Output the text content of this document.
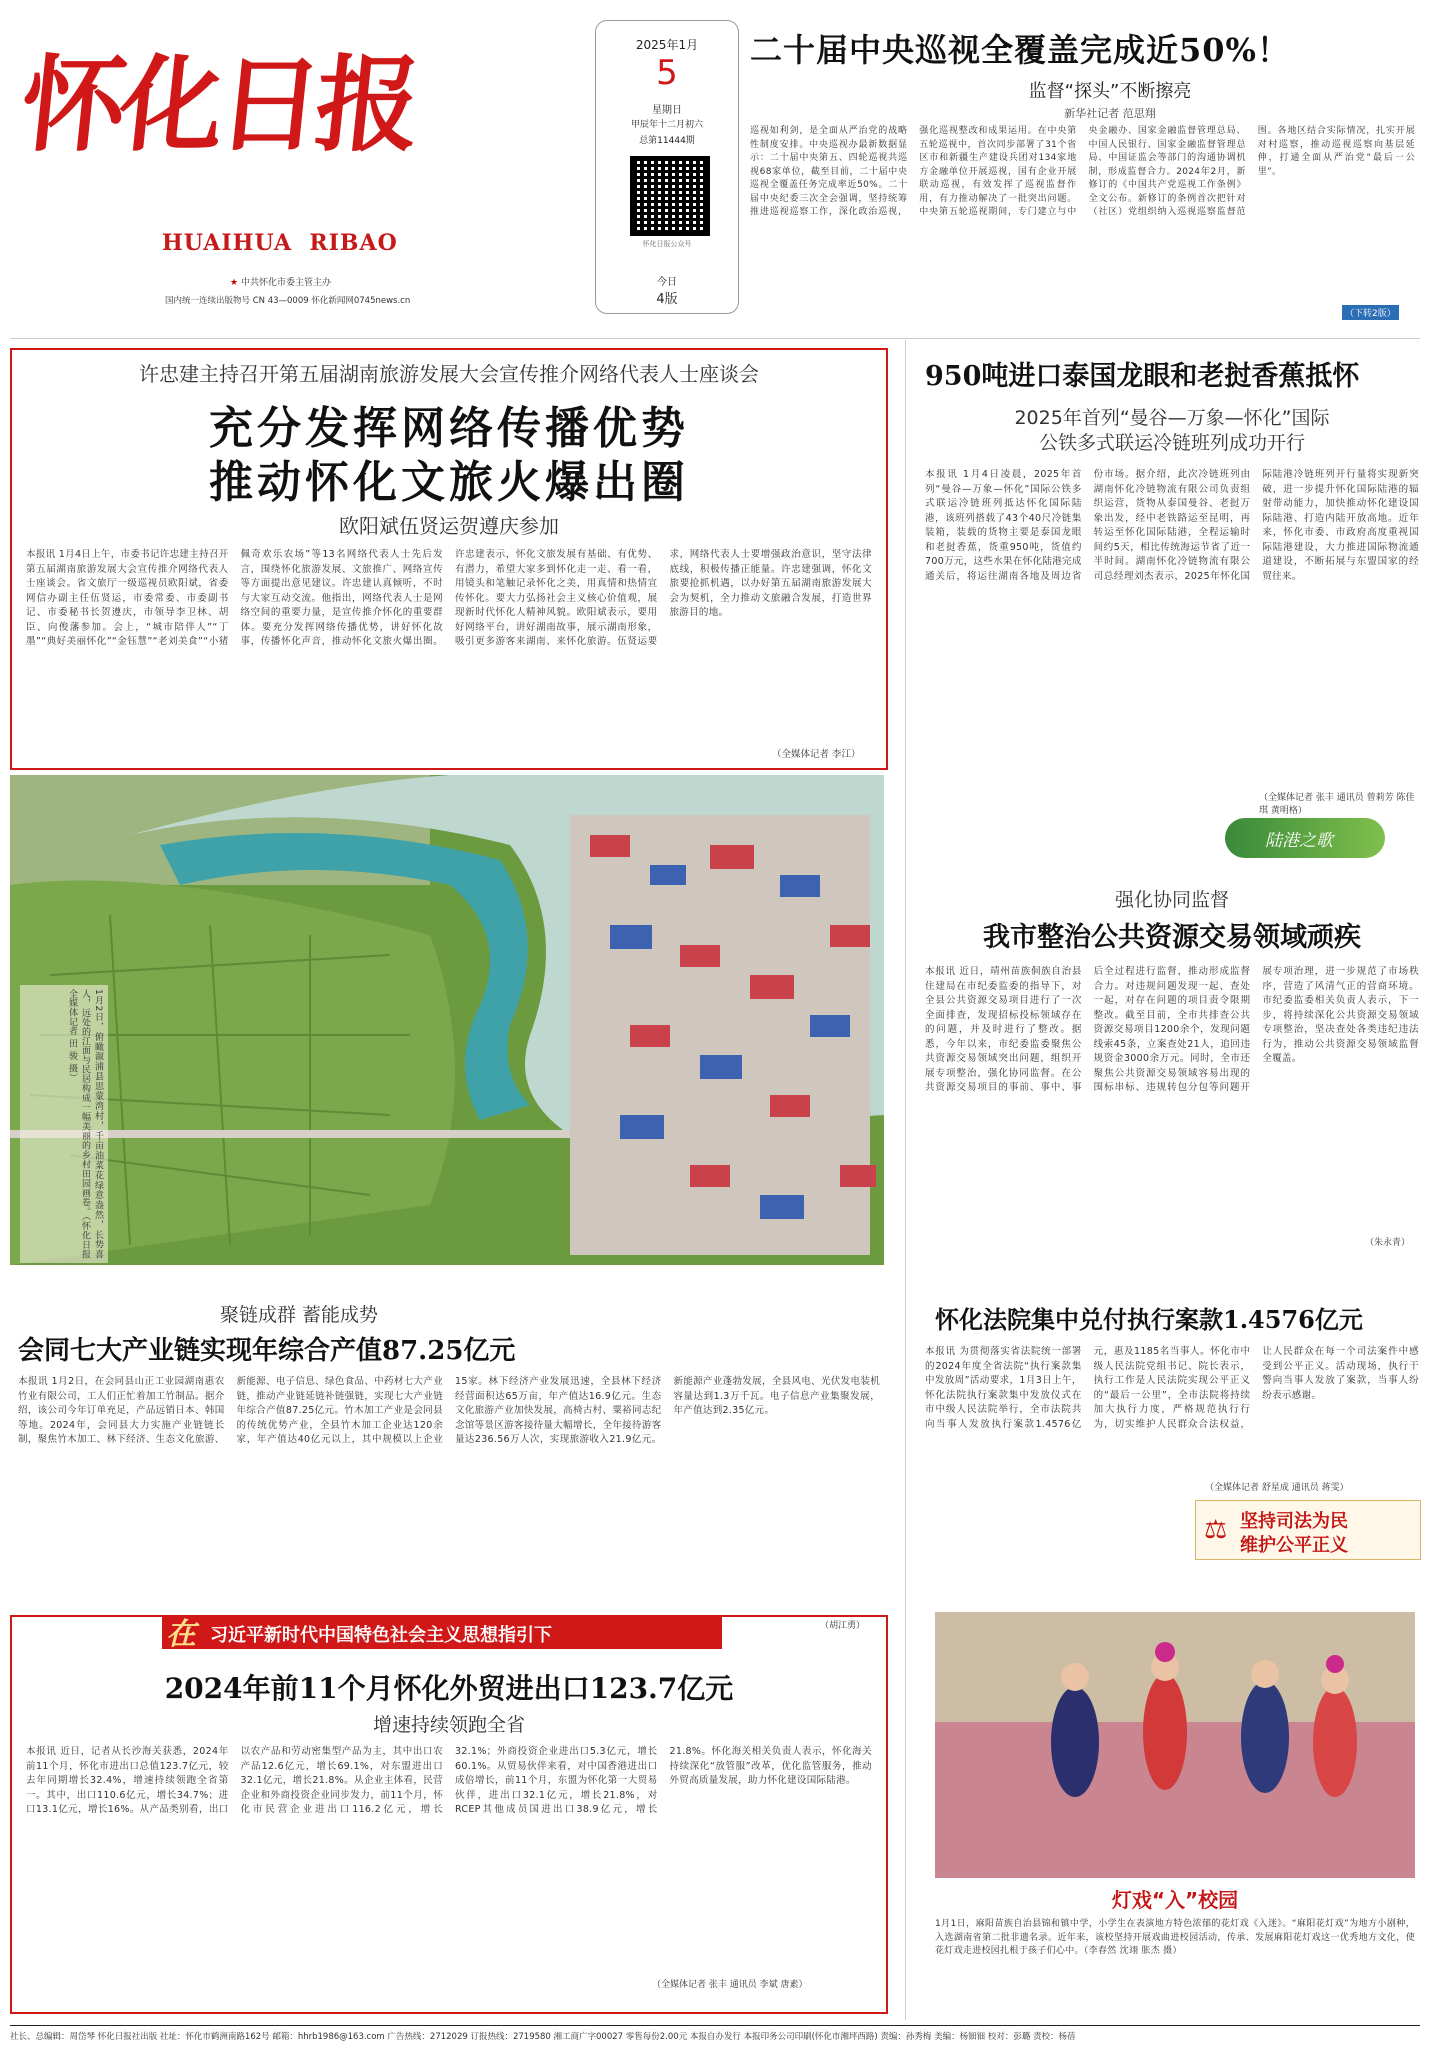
怀化日报
HUAIHUA  RIBAO
★ 中共怀化市委主管主办
国内统一连续出版物号 CN 43—0009 怀化新闻网0745news.cn
2025年1月
5
星期日
甲辰年十二月初六
总第11444期
怀化日报公众号
今日
4版
二十届中央巡视全覆盖完成近50%！
监督“探头”不断擦亮
新华社记者 范思翔
巡视如利剑，是全面从严治党的战略性制度安排。中央巡视办最新数据显示：二十届中央第五、四轮巡视共巡视68家单位，截至目前，二十届中央巡视全覆盖任务完成率近50%。二十届中央纪委三次全会强调，坚持统筹推进巡视巡察工作，深化政治巡视，强化巡视整改和成果运用。在中央第五轮巡视中，首次同步部署了31个省区市和新疆生产建设兵团对134家地方金融单位开展巡视，国有企业开展联动巡视，有效发挥了巡视监督作用，有力推动解决了一批突出问题。中央第五轮巡视期间，专门建立与中央金融办、国家金融监督管理总局、中国人民银行、国家金融监督管理总局、中国证监会等部门的沟通协调机制，形成监督合力。2024年2月，新修订的《中国共产党巡视工作条例》全文公布。新修订的条例首次把针对（社区）党组织纳入巡视巡察监督范围。各地区结合实际情况，扎实开展对村巡察，推动巡视巡察向基层延伸，打通全面从严治党“最后一公里”。
（下转2版）
许忠建主持召开第五届湖南旅游发展大会宣传推介网络代表人士座谈会
充分发挥网络传播优势
推动怀化文旅火爆出圈
欧阳斌伍贤运贺遵庆参加
本报讯 1月4日上午，市委书记许忠建主持召开第五届湖南旅游发展大会宣传推介网络代表人士座谈会。省文旅厅一级巡视员欧阳斌，省委网信办副主任伍贤运，市委常委、市委副书记、市委秘书长贺遵庆，市领导李卫林、胡臣、向俊藩参加。会上，“城市陪伴人”“丁墨”“典好美丽怀化”“金钰慧”“老刘美食”“小猪佩奇欢乐农场”等13名网络代表人士先后发言，围绕怀化旅游发展、文旅推广、网络宣传等方面提出意见建议。许忠建认真倾听，不时与大家互动交流。他指出，网络代表人士是网络空间的重要力量，是宣传推介怀化的重要群体。要充分发挥网络传播优势，讲好怀化故事，传播怀化声音，推动怀化文旅火爆出圈。许忠建表示，怀化文旅发展有基础、有优势、有潜力，希望大家多到怀化走一走、看一看，用镜头和笔触记录怀化之美，用真情和热情宣传怀化。要大力弘扬社会主义核心价值观，展现新时代怀化人精神风貌。欧阳斌表示，要用好网络平台，讲好湖南故事，展示湖南形象，吸引更多游客来湖南、来怀化旅游。伍贤运要求，网络代表人士要增强政治意识，坚守法律底线，积极传播正能量。许忠建强调，怀化文旅要抢抓机遇，以办好第五届湖南旅游发展大会为契机，全力推动文旅融合发展，打造世界旅游目的地。
（全媒体记者 李江）
1月2日，俯瞰溆浦县思蒙湾村，千亩油菜花绿意盎然，长势喜人，远处的江面与民居构成一幅美丽的乡村田园画卷。（怀化日报全媒体记者 田 骏 摄）
950吨进口泰国龙眼和老挝香蕉抵怀
2025年首列“曼谷—万象—怀化”国际
公铁多式联运冷链班列成功开行
本报讯 1月4日凌晨，2025年首列“曼谷—万象—怀化”国际公铁多式联运冷链班列抵达怀化国际陆港，该班列搭载了43个40尺冷链集装箱，装载的货物主要是泰国龙眼和老挝香蕉，货重950吨，货值约700万元，这些水果在怀化陆港完成通关后，将运往湖南各地及周边省份市场。据介绍，此次冷链班列由湖南怀化冷链物流有限公司负责组织运营，货物从泰国曼谷、老挝万象出发，经中老铁路运至昆明，再转运至怀化国际陆港，全程运输时间约5天，相比传统海运节省了近一半时间。湖南怀化冷链物流有限公司总经理刘杰表示，2025年怀化国际陆港冷链班列开行量将实现新突破，进一步提升怀化国际陆港的辐射带动能力，加快推动怀化建设国际陆港、打造内陆开放高地。近年来，怀化市委、市政府高度重视国际陆港建设，大力推进国际物流通道建设，不断拓展与东盟国家的经贸往来。
（全媒体记者 张丰 通讯员 曾莉芳 陈佳琪 黄明格）
陆港之歌
强化协同监督
我市整治公共资源交易领域顽疾
本报讯 近日，靖州苗族侗族自治县住建局在市纪委监委的指导下，对全县公共资源交易项目进行了一次全面排查，发现招标投标领域存在的问题，并及时进行了整改。据悉，今年以来，市纪委监委聚焦公共资源交易领域突出问题，组织开展专项整治，强化协同监督。在公共资源交易项目的事前、事中、事后全过程进行监督，推动形成监督合力。对违规问题发现一起、查处一起，对存在问题的项目责令限期整改。截至目前，全市共排查公共资源交易项目1200余个，发现问题线索45条，立案查处21人，追回违规资金3000余万元。同时，全市还聚焦公共资源交易领域容易出现的围标串标、违规转包分包等问题开展专项治理，进一步规范了市场秩序，营造了风清气正的营商环境。市纪委监委相关负责人表示，下一步，将持续深化公共资源交易领域专项整治，坚决查处各类违纪违法行为，推动公共资源交易领域监督全覆盖。
（朱永青）
聚链成群 蓄能成势
会同七大产业链实现年综合产值87.25亿元
本报讯 1月2日，在会同县山正工业园湖南惠农竹业有限公司，工人们正忙着加工竹制品。据介绍，该公司今年订单充足，产品远销日本、韩国等地。2024年，会同县大力实施产业链链长制，聚焦竹木加工、林下经济、生态文化旅游、新能源、电子信息、绿色食品、中药材七大产业链，推动产业链延链补链强链，实现七大产业链年综合产值87.25亿元。竹木加工产业是会同县的传统优势产业，全县竹木加工企业达120余家，年产值达40亿元以上，其中规模以上企业15家。林下经济产业发展迅速，全县林下经济经营面积达65万亩，年产值达16.9亿元。生态文化旅游产业加快发展，高椅古村、粟裕同志纪念馆等景区游客接待量大幅增长，全年接待游客量达236.56万人次，实现旅游收入21.9亿元。新能源产业蓬勃发展，全县风电、光伏发电装机容量达到1.3万千瓦。电子信息产业集聚发展，年产值达到2.35亿元。
（胡江勇）
怀化法院集中兑付执行案款1.4576亿元
本报讯 为贯彻落实省法院统一部署的2024年度全省法院“执行案款集中发放周”活动要求，1月3日上午，怀化法院执行案款集中发放仪式在市中级人民法院举行，全市法院共向当事人发放执行案款1.4576亿元，惠及1185名当事人。怀化市中级人民法院党组书记、院长表示，执行工作是人民法院实现公平正义的“最后一公里”，全市法院将持续加大执行力度，严格规范执行行为，切实维护人民群众合法权益，让人民群众在每一个司法案件中感受到公平正义。活动现场，执行干警向当事人发放了案款，当事人纷纷表示感谢。
（全媒体记者 舒星成 通讯员 蒋雯）
坚持司法为民
维护公平正义
⚖
在 习近平新时代中国特色社会主义思想指引下
2024年前11个月怀化外贸进出口123.7亿元
增速持续领跑全省
本报讯 近日，记者从长沙海关获悉，2024年前11个月，怀化市进出口总值123.7亿元，较去年同期增长32.4%，增速持续领跑全省第一。其中，出口110.6亿元，增长34.7%；进口13.1亿元，增长16%。从产品类别看，出口以农产品和劳动密集型产品为主，其中出口农产品12.6亿元，增长69.1%，对东盟进出口32.1亿元，增长21.8%。从企业主体看，民营企业和外商投资企业同步发力，前11个月，怀化市民营企业进出口116.2亿元，增长32.1%；外商投资企业进出口5.3亿元，增长60.1%。从贸易伙伴来看，对中国香港进出口成倍增长，前11个月，东盟为怀化第一大贸易伙伴，进出口32.1亿元，增长21.8%，对RCEP其他成员国进出口38.9亿元，增长21.8%。怀化海关相关负责人表示，怀化海关持续深化“放管服”改革，优化监管服务，推动外贸高质量发展，助力怀化建设国际陆港。
（全媒体记者 张丰 通讯员 李斌 唐素）
灯戏“入”校园
1月1日，麻阳苗族自治县锦和镇中学，小学生在表演地方特色浓郁的花灯戏《入迷》。“麻阳花灯戏”为地方小剧种，入选湖南省第二批非遗名录。近年来，该校坚持开展戏曲进校园活动，传承、发展麻阳花灯戏这一优秀地方文化，使花灯戏走进校园扎根于孩子们心中。（李春然 沈翊 胀杰 摄）
社长、总编辑：周岱琴 怀化日报社出版 社址：怀化市鹤洲南路162号 邮箱：hhrb1986@163.com 广告热线：2712029 订报热线：2719580 湘工商广字00027 零售每份2.00元 本报自办发行 本报印务公司印刷(怀化市湘坪西路) 责编：孙秀梅 美编：杨钿钿 校对：彭璐 责校：杨蓓
